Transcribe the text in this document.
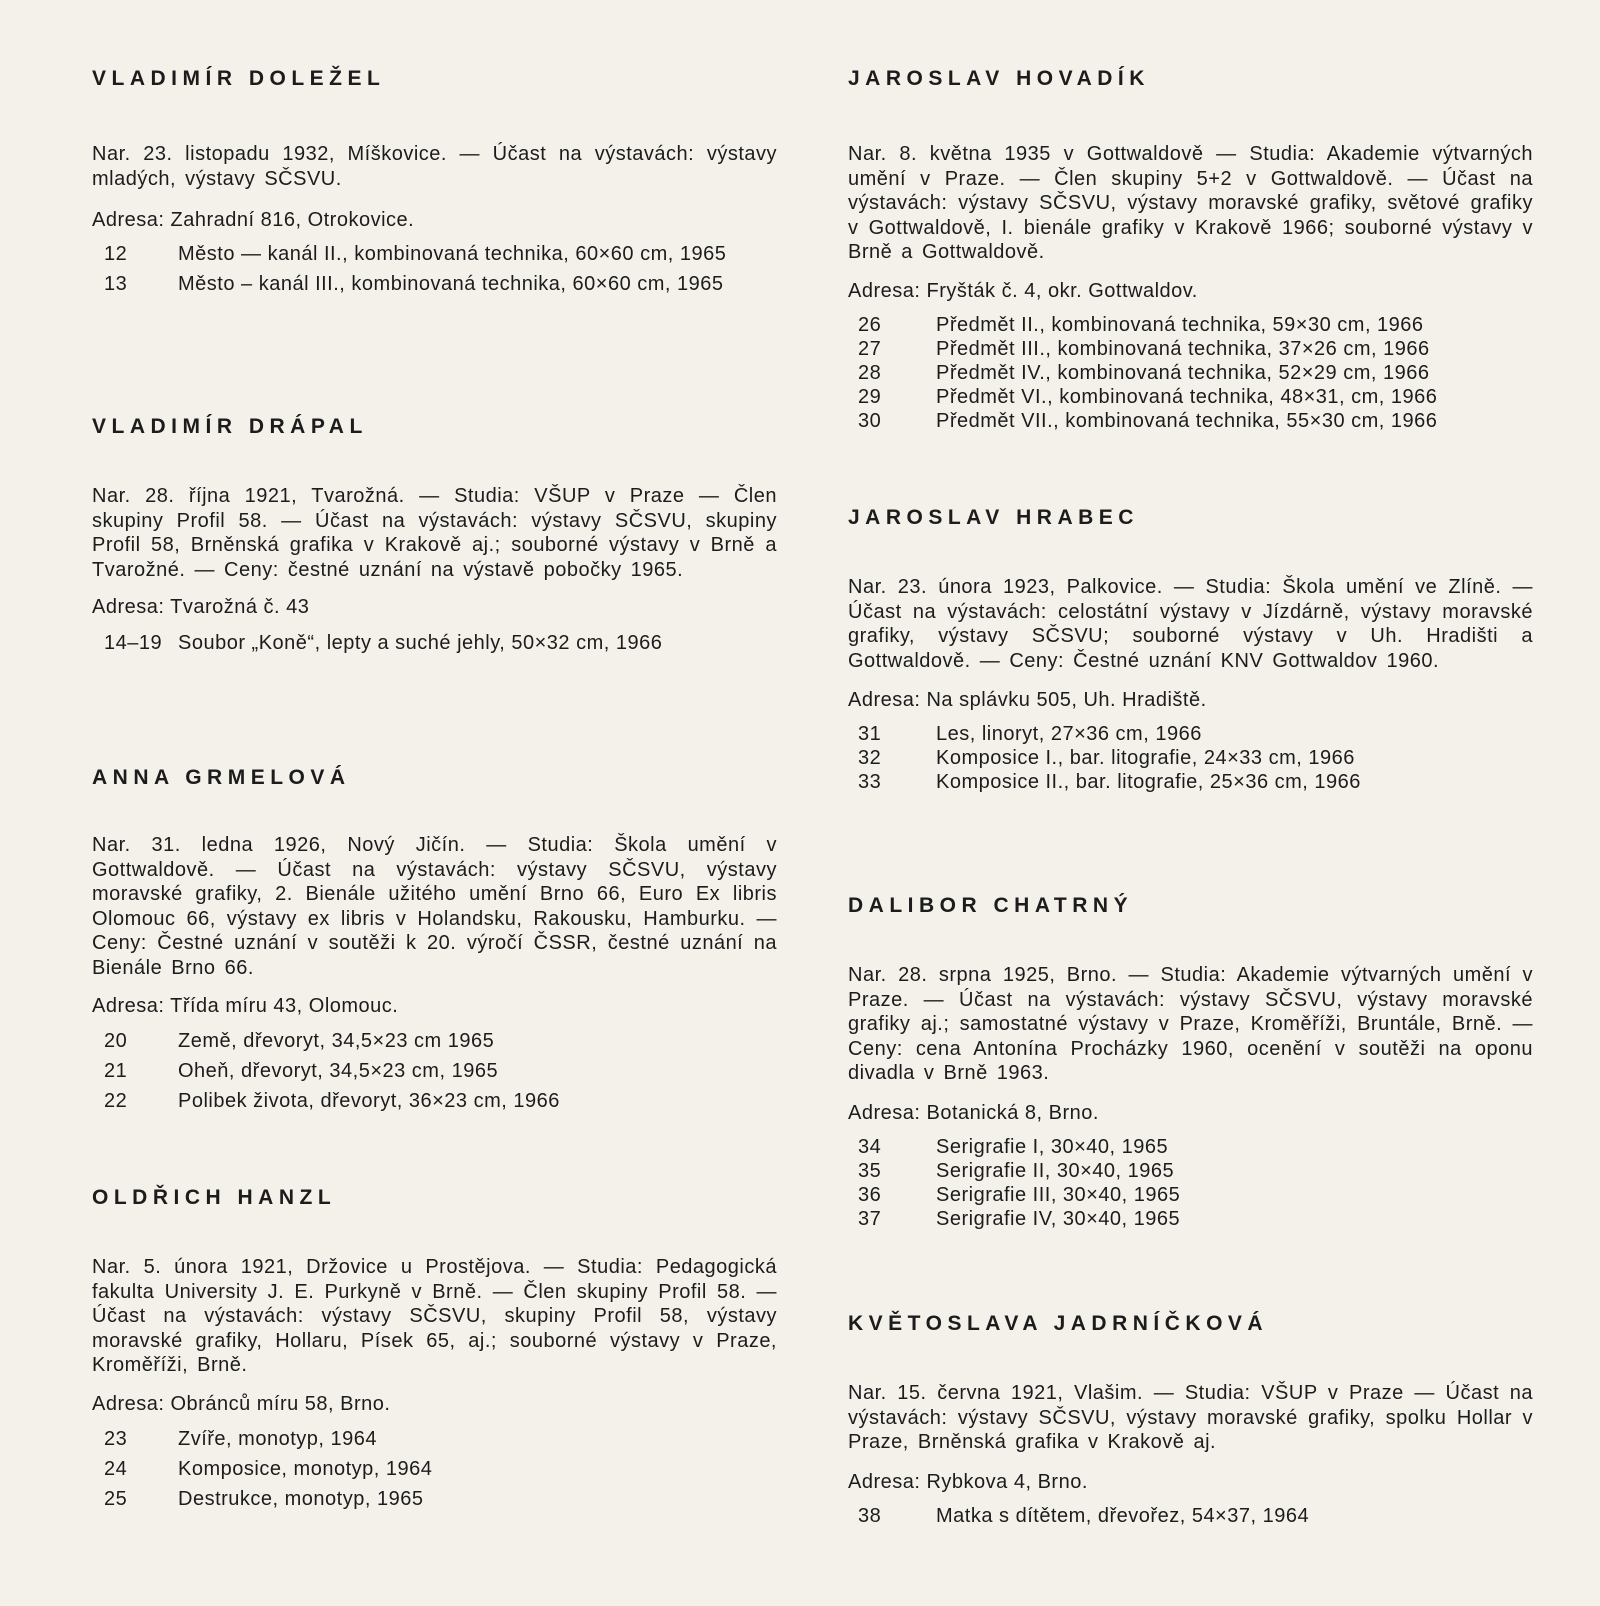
VLADIMÍR DOLEŽEL

Nar. 23. listopadu 1932, Míškovice. — Účast na výstavách: výstavy mladých, výstavy SČSVU.

Adresa: Zahradní 816, Otrokovice.

12	Město — kanál II., kombinovaná technika, 60×60 cm, 1965
13	Město – kanál III., kombinovaná technika, 60×60 cm, 1965
VLADIMÍR DRÁPAL

Nar. 28. října 1921, Tvarožná. — Studia: VŠUP v Praze — Člen skupiny Profil 58. — Účast na výstavách: výstavy SČSVU, skupiny Profil 58, Brněnská grafika v Krakově aj.; souborné výstavy v Brně a Tvarožné. — Ceny: čestné uznání na výstavě pobočky 1965.

Adresa: Tvarožná č. 43

14–19 Soubor „Koně“, lepty a suché jehly, 50×32 cm, 1966
ANNA GRMELOVÁ

Nar. 31. ledna 1926, Nový Jičín. — Studia: Škola umění v Gottwaldově. — Účast na výstavách: výstavy SČSVU, výstavy moravské grafiky, 2. Bienále užitého umění Brno 66, Euro Ex libris Olomouc 66, výstavy ex libris v Holandsku, Rakousku, Hamburku. — Ceny: Čestné uznání v soutěži k 20. výročí ČSSR, čestné uznání na Bienále Brno 66.

Adresa: Třída míru 43, Olomouc.

20	Země, dřevoryt, 34,5×23 cm 1965
21	Oheň, dřevoryt, 34,5×23 cm, 1965
22	Polibek života, dřevoryt, 36×23 cm, 1966
OLDŘICH HANZL

Nar. 5. února 1921, Držovice u Prostějova. — Studia: Pedagogická fakulta University J. E. Purkyně v Brně. — Člen skupiny Profil 58. — Účast na výstavách: výstavy SČSVU, skupiny Profil 58, výstavy moravské grafiky, Hollaru, Písek 65, aj.; souborné výstavy v Praze, Kroměříži, Brně.

Adresa: Obránců míru 58, Brno.

23	Zvíře, monotyp, 1964
24	Komposice, monotyp, 1964
25	Destrukce, monotyp, 1965
JAROSLAV HOVADÍK

Nar. 8. května 1935 v Gottwaldově — Studia: Akademie výtvarných umění v Praze. — Člen skupiny 5+2 v Gottwaldově. — Účast na výstavách: výstavy SČSVU, výstavy moravské grafiky, světové grafiky v Gottwaldově, I. bienále grafiky v Krakově 1966; souborné výstavy v Brně a Gottwaldově.

Adresa: Fryšták č. 4, okr. Gottwaldov.

26	Předmět II., kombinovaná technika, 59×30 cm, 1966
27	Předmět III., kombinovaná technika, 37×26 cm, 1966
28	Předmět IV., kombinovaná technika, 52×29 cm, 1966
29	Předmět VI., kombinovaná technika, 48×31, cm, 1966
30	Předmět VII., kombinovaná technika, 55×30 cm, 1966
JAROSLAV HRABEC

Nar. 23. února 1923, Palkovice. — Studia: Škola umění ve Zlíně. — Účast na výstavách: celostátní výstavy v Jízdárně, výstavy moravské grafiky, výstavy SČSVU; souborné výstavy v Uh. Hradišti a Gottwaldově. — Ceny: Čestné uznání KNV Gottwaldov 1960.

Adresa: Na splávku 505, Uh. Hradiště.

31	Les, linoryt, 27×36 cm, 1966
32	Komposice I., bar. litografie, 24×33 cm, 1966
33	Komposice II., bar. litografie, 25×36 cm, 1966
DALIBOR CHATRNÝ

Nar. 28. srpna 1925, Brno. — Studia: Akademie výtvarných umění v Praze. — Účast na výstavách: výstavy SČSVU, výstavy moravské grafiky aj.; samostatné výstavy v Praze, Kroměříži, Bruntále, Brně. — Ceny: cena Antonína Procházky 1960, ocenění v soutěži na oponu divadla v Brně 1963.

Adresa: Botanická 8, Brno.

34	Serigrafie I, 30×40, 1965
35	Serigrafie II, 30×40, 1965
36	Serigrafie III, 30×40, 1965
37	Serigrafie IV, 30×40, 1965
KVĚTOSLAVA JADRNÍČKOVÁ

Nar. 15. června 1921, Vlašim. — Studia: VŠUP v Praze — Účast na výstavách: výstavy SČSVU, výstavy moravské grafiky, spolku Hollar v Praze, Brněnská grafika v Krakově aj.

Adresa: Rybkova 4, Brno.

38	Matka s dítětem, dřevořez, 54×37, 1964
